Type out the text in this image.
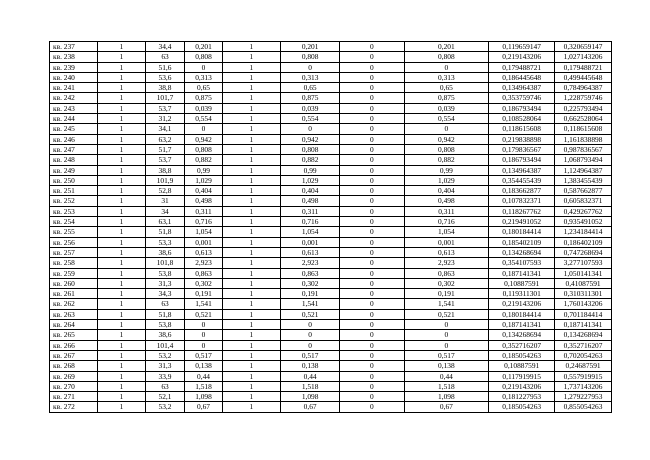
кв. 237	1	34,4	0,201	1	0,201	0	0,201	0,119659147	0,320659147
кв. 238	1	63	0,808	1	0,808	0	0,808	0,219143206	1,027143206
кв. 239	1	51,6	0	1	0	0	0	0,179488721	0,179488721
кв. 240	1	53,6	0,313	1	0,313	0	0,313	0,186445648	0,499445648
кв. 241	1	38,8	0,65	1	0,65	0	0,65	0,134964387	0,784964387
кв. 242	1	101,7	0,875	1	0,875	0	0,875	0,353759746	1,228759746
кв. 243	1	53,7	0,039	1	0,039	0	0,039	0,186793494	0,225793494
кв. 244	1	31,2	0,554	1	0,554	0	0,554	0,108528064	0,662528064
кв. 245	1	34,1	0	1	0	0	0	0,118615608	0,118615608
кв. 246	1	63,2	0,942	1	0,942	0	0,942	0,219838898	1,161838898
кв. 247	1	51,7	0,808	1	0,808	0	0,808	0,179836567	0,987836567
кв. 248	1	53,7	0,882	1	0,882	0	0,882	0,186793494	1,068793494
кв. 249	1	38,8	0,99	1	0,99	0	0,99	0,134964387	1,124964387
кв. 250	1	101,9	1,029	1	1,029	0	1,029	0,354455439	1,383455439
кв. 251	1	52,8	0,404	1	0,404	0	0,404	0,183662877	0,587662877
кв. 252	1	31	0,498	1	0,498	0	0,498	0,107832371	0,605832371
кв. 253	1	34	0,311	1	0,311	0	0,311	0,118267762	0,429267762
кв. 254	1	63,1	0,716	1	0,716	0	0,716	0,219491052	0,935491052
кв. 255	1	51,8	1,054	1	1,054	0	1,054	0,180184414	1,234184414
кв. 256	1	53,3	0,001	1	0,001	0	0,001	0,185402109	0,186402109
кв. 257	1	38,6	0,613	1	0,613	0	0,613	0,134268694	0,747268694
кв. 258	1	101,8	2,923	1	2,923	0	2,923	0,354107593	3,277107593
кв. 259	1	53,8	0,863	1	0,863	0	0,863	0,187141341	1,050141341
кв. 260	1	31,3	0,302	1	0,302	0	0,302	0,10887591	0,41087591
кв. 261	1	34,3	0,191	1	0,191	0	0,191	0,119311301	0,310311301
кв. 262	1	63	1,541	1	1,541	0	1,541	0,219143206	1,760143206
кв. 263	1	51,8	0,521	1	0,521	0	0,521	0,180184414	0,701184414
кв. 264	1	53,8	0	1	0	0	0	0,187141341	0,187141341
кв. 265	1	38,6	0	1	0	0	0	0,134268694	0,134268694
кв. 266	1	101,4	0	1	0	0	0	0,352716207	0,352716207
кв. 267	1	53,2	0,517	1	0,517	0	0,517	0,185054263	0,702054263
кв. 268	1	31,3	0,138	1	0,138	0	0,138	0,10887591	0,24687591
кв. 269	1	33,9	0,44	1	0,44	0	0,44	0,117919915	0,557919915
кв. 270	1	63	1,518	1	1,518	0	1,518	0,219143206	1,737143206
кв. 271	1	52,1	1,098	1	1,098	0	1,098	0,181227953	1,279227953
кв. 272	1	53,2	0,67	1	0,67	0	0,67	0,185054263	0,855054263
